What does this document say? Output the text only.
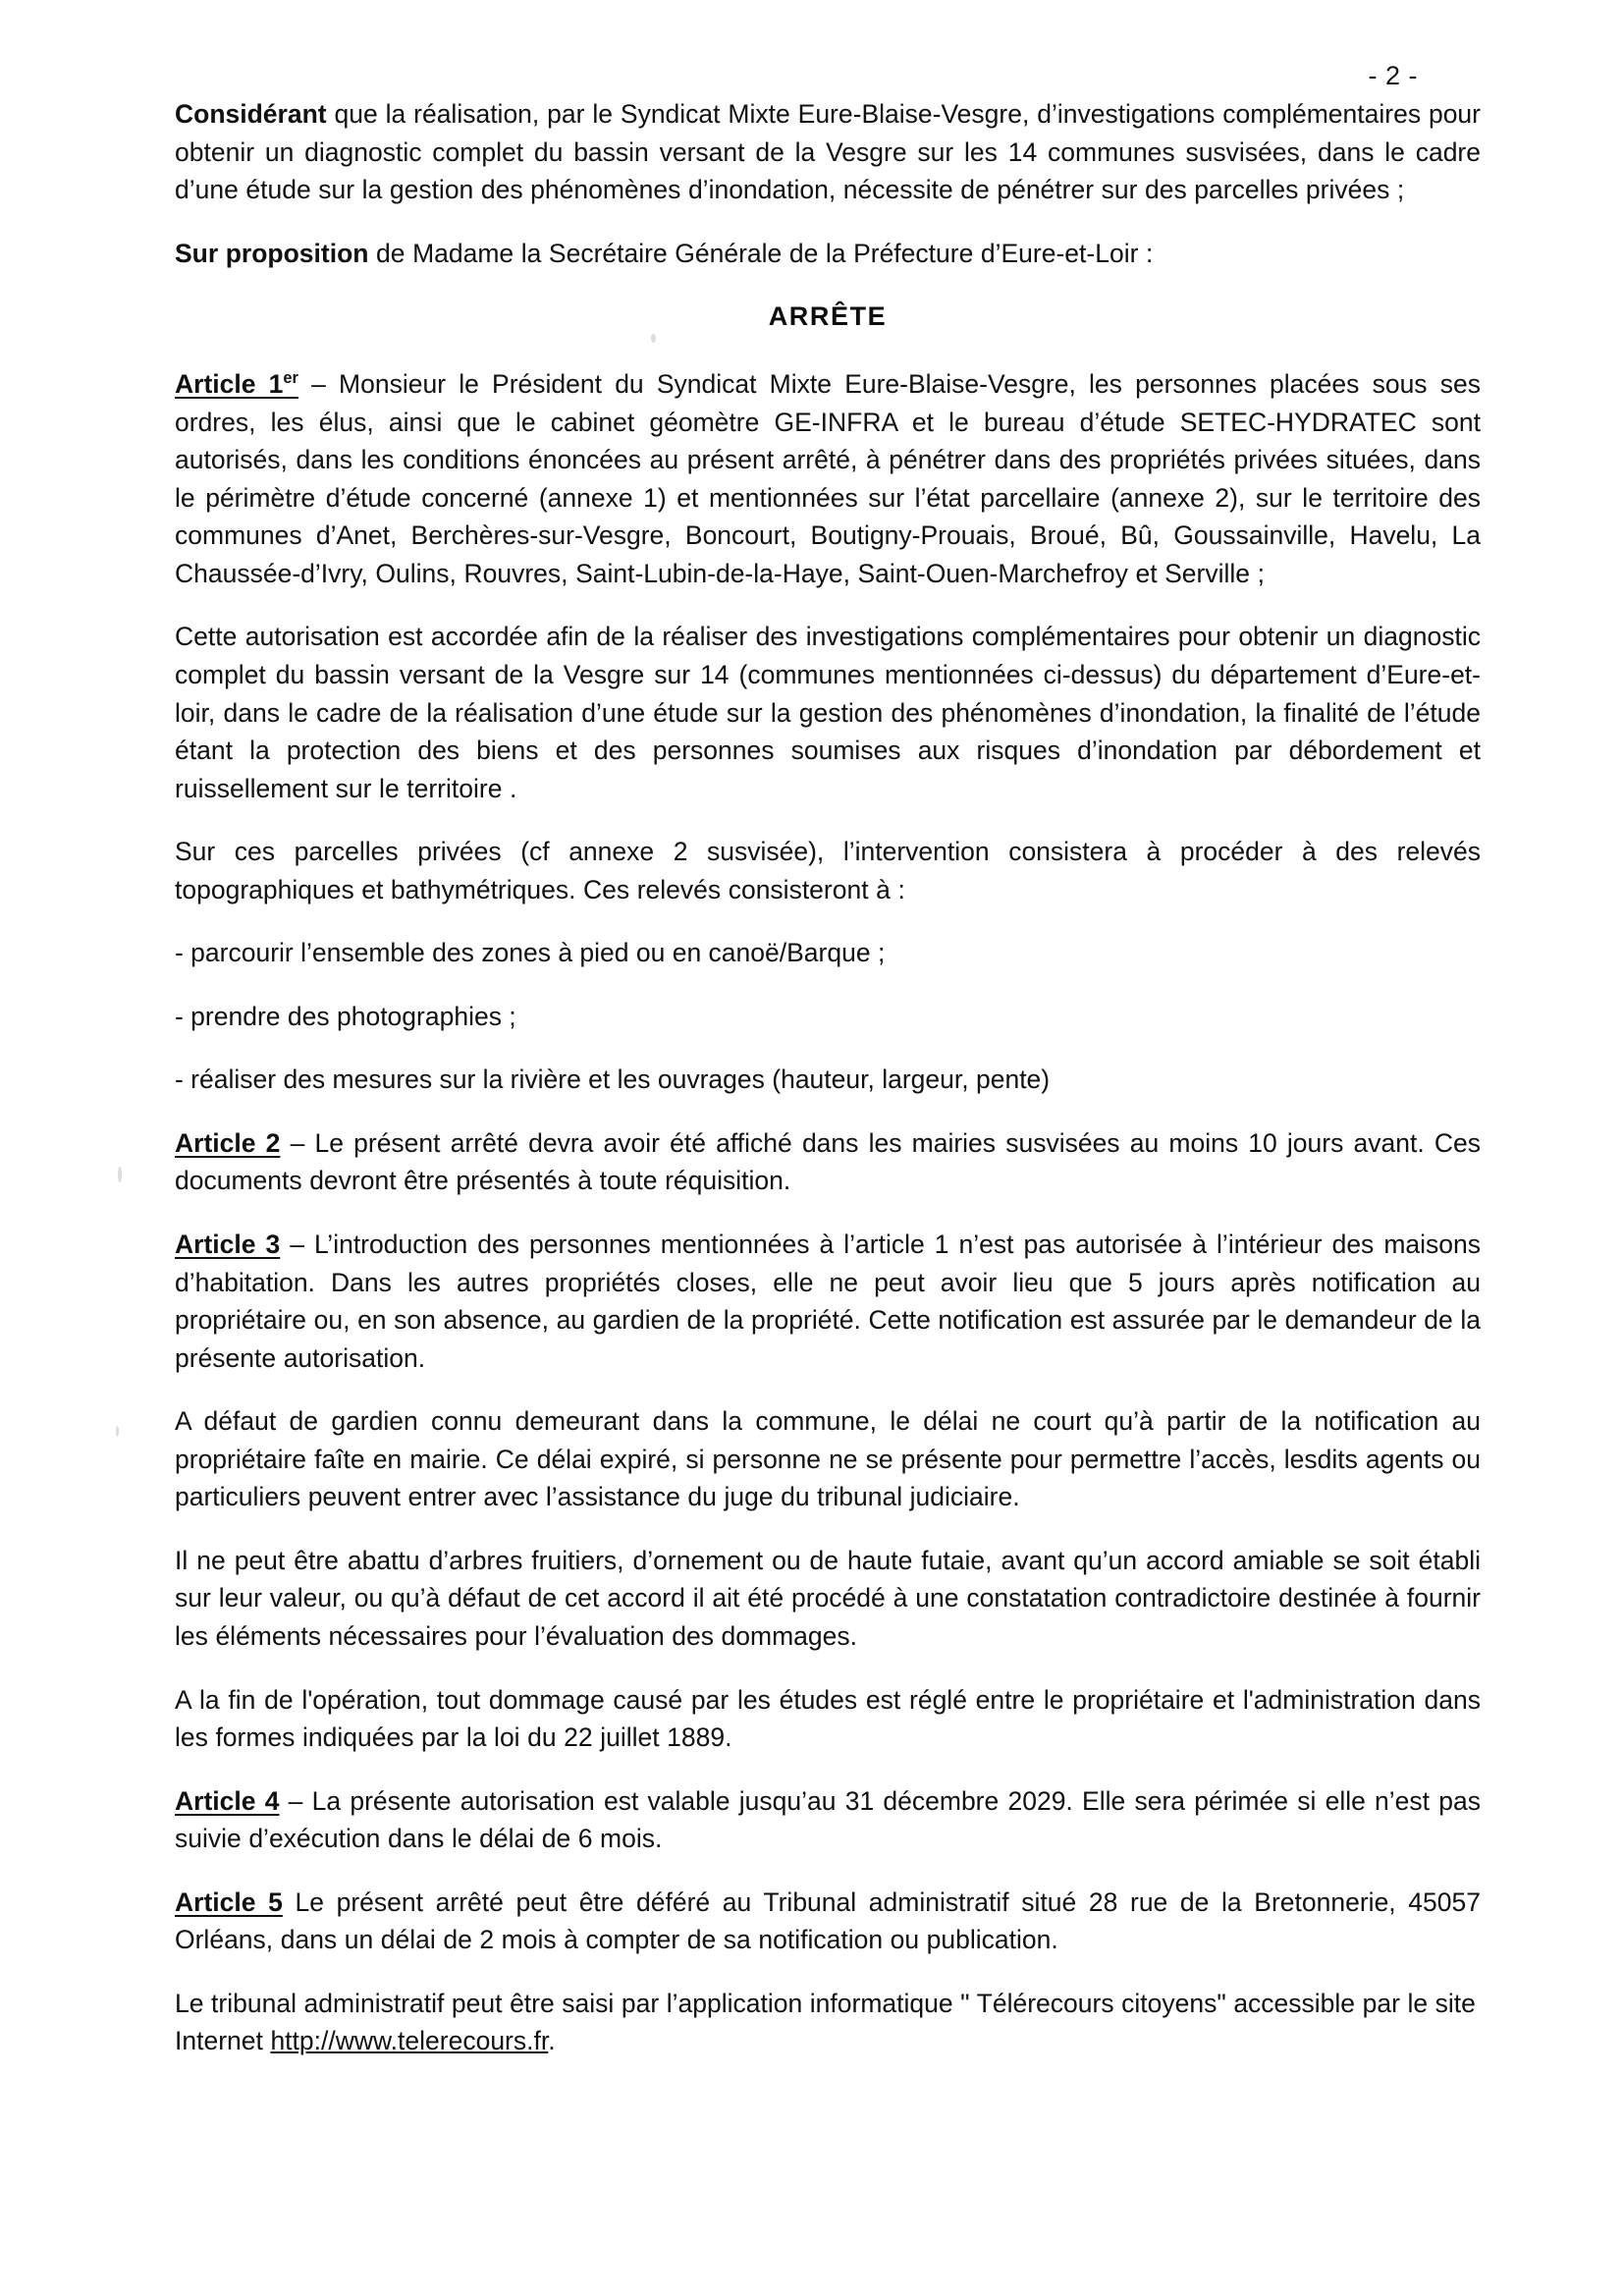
- 2 -

Considérant que la réalisation, par le Syndicat Mixte Eure-Blaise-Vesgre, d’investigations complémentaires pour obtenir un diagnostic complet du bassin versant de la Vesgre sur les 14 communes susvisées, dans le cadre d’une étude sur la gestion des phénomènes d’inondation, nécessite de pénétrer sur des parcelles privées ;

Sur proposition de Madame la Secrétaire Générale de la Préfecture d’Eure-et-Loir :

ARRÊTE

Article 1er – Monsieur le Président du Syndicat Mixte Eure-Blaise-Vesgre, les personnes placées sous ses ordres, les élus, ainsi que le cabinet géomètre GE-INFRA et le bureau d’étude SETEC-HYDRATEC sont autorisés, dans les conditions énoncées au présent arrêté, à pénétrer dans des propriétés privées situées, dans le périmètre d’étude concerné (annexe 1) et mentionnées sur l’état parcellaire (annexe 2), sur le territoire des communes d’Anet, Berchères-sur-Vesgre, Boncourt, Boutigny-Prouais, Broué, Bû, Goussainville, Havelu, La Chaussée-d’Ivry, Oulins, Rouvres, Saint-Lubin-de-la-Haye, Saint-Ouen-Marchefroy et Serville ;

Cette autorisation est accordée afin de la réaliser des investigations complémentaires pour obtenir un diagnostic complet du bassin versant de la Vesgre sur 14 (communes mentionnées ci-dessus) du département d’Eure-et-loir, dans le cadre de la réalisation d’une étude sur la gestion des phénomènes d’inondation, la finalité de l’étude étant la protection des biens et des personnes soumises aux risques d’inondation par débordement et ruissellement sur le territoire .

Sur ces parcelles privées (cf annexe 2 susvisée), l’intervention consistera à procéder à des relevés topographiques et bathymétriques. Ces relevés consisteront à :

- parcourir l’ensemble des zones à pied ou en canoë/Barque ;

- prendre des photographies ;

- réaliser des mesures sur la rivière et les ouvrages (hauteur, largeur, pente)

Article 2 – Le présent arrêté devra avoir été affiché dans les mairies susvisées au moins 10 jours avant. Ces documents devront être présentés à toute réquisition.

Article 3 – L’introduction des personnes mentionnées à l’article 1 n’est pas autorisée à l’intérieur des maisons d’habitation. Dans les autres propriétés closes, elle ne peut avoir lieu que 5 jours après notification au propriétaire ou, en son absence, au gardien de la propriété. Cette notification est assurée par le demandeur de la présente autorisation.

A défaut de gardien connu demeurant dans la commune, le délai ne court qu’à partir de la notification au propriétaire faîte en mairie. Ce délai expiré, si personne ne se présente pour permettre l’accès, lesdits agents ou particuliers peuvent entrer avec l’assistance du juge du tribunal judiciaire.

Il ne peut être abattu d’arbres fruitiers, d’ornement ou de haute futaie, avant qu’un accord amiable se soit établi sur leur valeur, ou qu’à défaut de cet accord il ait été procédé à une constatation contradictoire destinée à fournir les éléments nécessaires pour l’évaluation des dommages.

A la fin de l'opération, tout dommage causé par les études est réglé entre le propriétaire et l'administration dans les formes indiquées par la loi du 22 juillet 1889.

Article 4 – La présente autorisation est valable jusqu’au 31 décembre 2029. Elle sera périmée si elle n’est pas suivie d’exécution dans le délai de 6 mois.

Article 5 Le présent arrêté peut être déféré au Tribunal administratif situé 28 rue de la Bretonnerie, 45057 Orléans, dans un délai de 2 mois à compter de sa notification ou publication.

Le tribunal administratif peut être saisi par l’application informatique " Télérecours citoyens" accessible par le site Internet http://www.telerecours.fr.
